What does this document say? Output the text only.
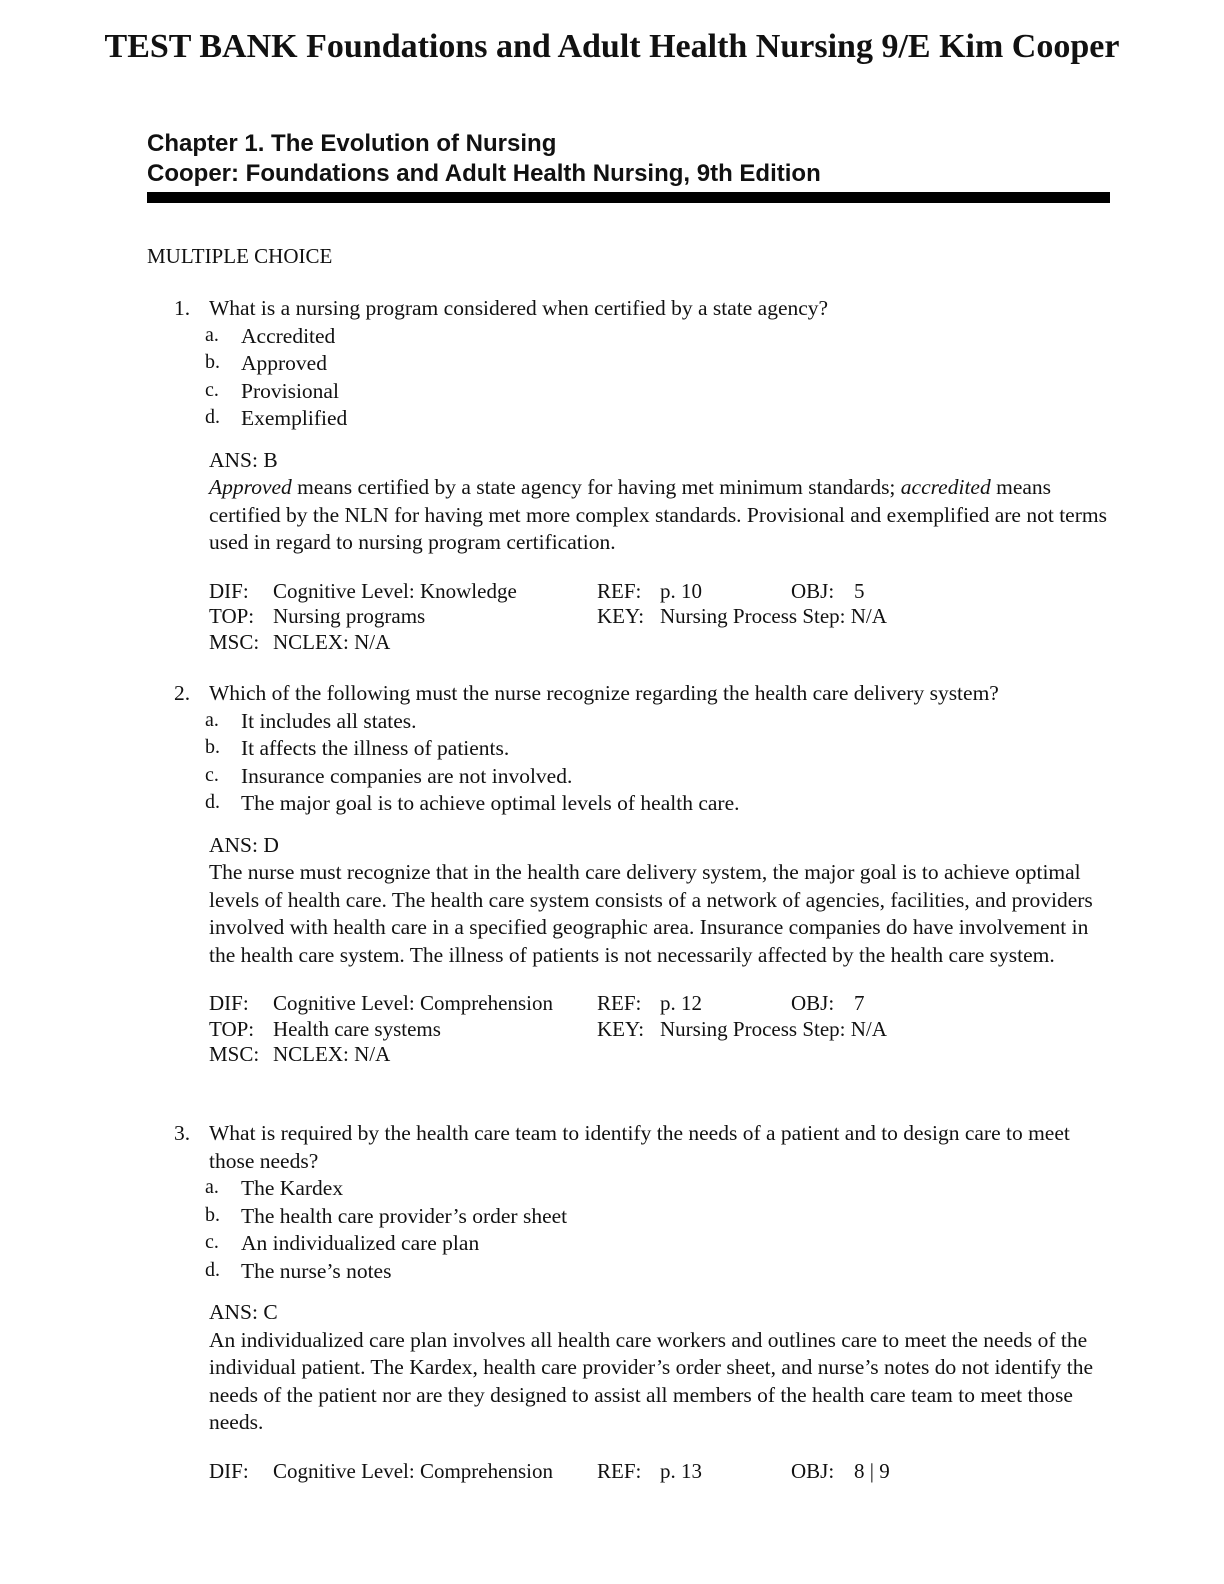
TEST BANK Foundations and Adult Health Nursing 9/E Kim Cooper
Chapter 1. The Evolution of Nursing
Cooper: Foundations and Adult Health Nursing, 9th Edition
MULTIPLE CHOICE
1. What is a nursing program considered when certified by a state agency?
a. Accredited
b. Approved
c. Provisional
d. Exemplified
ANS: B
Approved means certified by a state agency for having met minimum standards; accredited means certified by the NLN for having met more complex standards. Provisional and exemplified are not terms used in regard to nursing program certification.
DIF: Cognitive Level: Knowledge	REF: p. 10	OBJ: 5
TOP: Nursing programs	KEY: Nursing Process Step: N/A
MSC: NCLEX: N/A
2. Which of the following must the nurse recognize regarding the health care delivery system?
a. It includes all states.
b. It affects the illness of patients.
c. Insurance companies are not involved.
d. The major goal is to achieve optimal levels of health care.
ANS: D
The nurse must recognize that in the health care delivery system, the major goal is to achieve optimal levels of health care. The health care system consists of a network of agencies, facilities, and providers involved with health care in a specified geographic area. Insurance companies do have involvement in the health care system. The illness of patients is not necessarily affected by the health care system.
DIF: Cognitive Level: Comprehension REF: p. 12	OBJ: 7
TOP: Health care systems	KEY: Nursing Process Step: N/A
MSC: NCLEX: N/A
3. What is required by the health care team to identify the needs of a patient and to design care to meet those needs?
a. The Kardex
b. The health care provider’s order sheet
c. An individualized care plan
d. The nurse’s notes
ANS: C
An individualized care plan involves all health care workers and outlines care to meet the needs of the individual patient. The Kardex, health care provider’s order sheet, and nurse’s notes do not identify the needs of the patient nor are they designed to assist all members of the health care team to meet those needs.
DIF: Cognitive Level: Comprehension REF: p. 13	OBJ: 8 | 9
